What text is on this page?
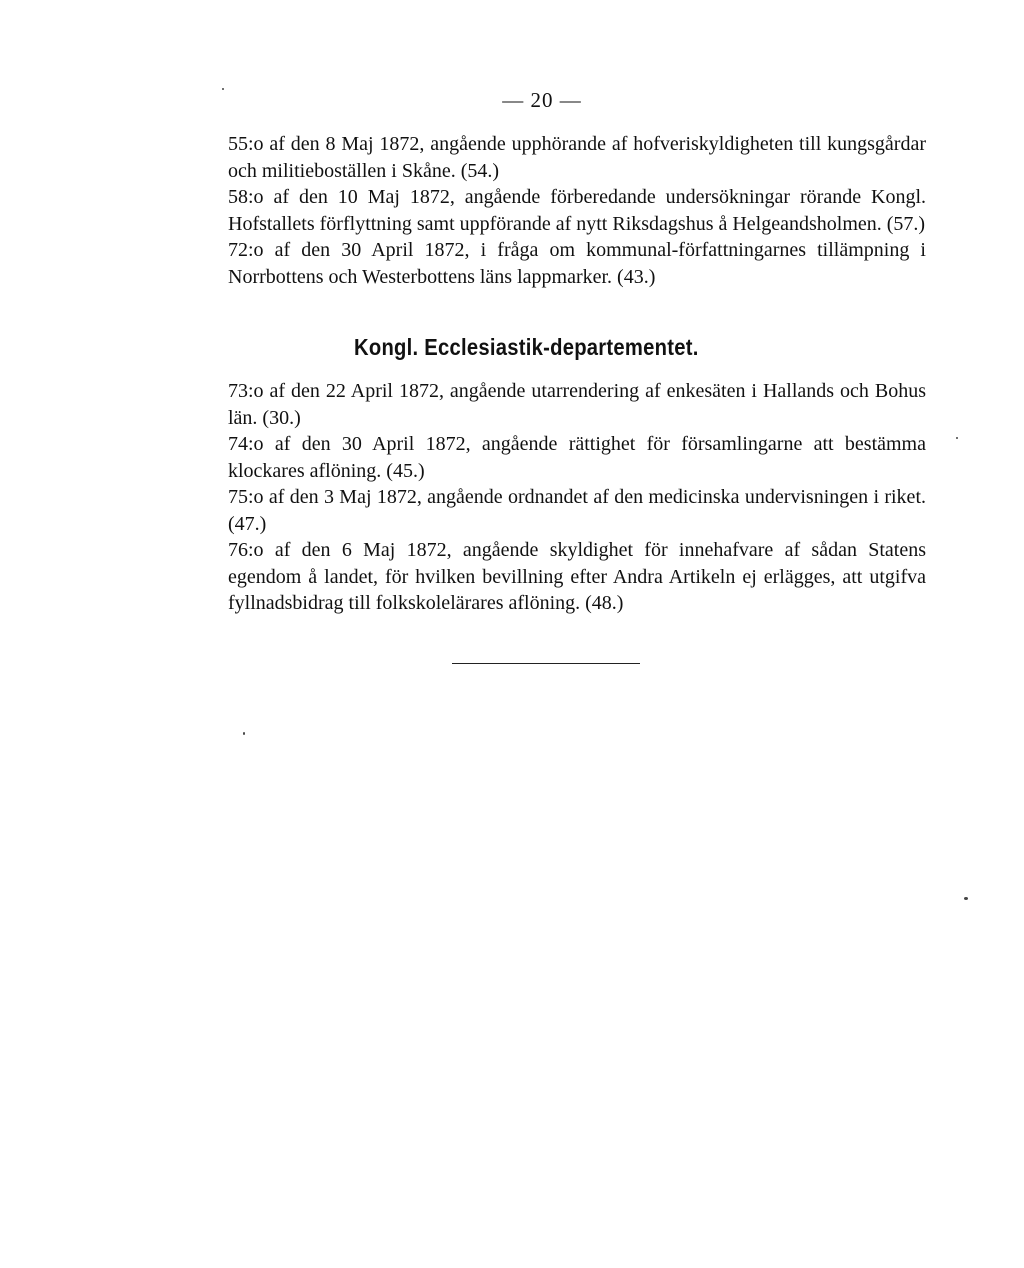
— 20 —

55:o af den 8 Maj 1872, angående upphörande af hofveriskyldigheten till kungsgårdar och militieboställen i Skåne. (54.)

58:o af den 10 Maj 1872, angående förberedande undersökningar rörande Kongl. Hofstallets förflyttning samt uppförande af nytt Riksdagshus å Helgeandsholmen. (57.)

72:o af den 30 April 1872, i fråga om kommunal-författningarnes tillämpning i Norrbottens och Westerbottens läns lappmarker. (43.)

Kongl. Ecclesiastik-departementet.

73:o af den 22 April 1872, angående utarrendering af enkesäten i Hallands och Bohus län. (30.)

74:o af den 30 April 1872, angående rättighet för församlingarne att bestämma klockares aflöning. (45.)

75:o af den 3 Maj 1872, angående ordnandet af den medicinska undervisningen i riket. (47.)

76:o af den 6 Maj 1872, angående skyldighet för innehafvare af sådan Statens egendom å landet, för hvilken bevillning efter Andra Artikeln ej erlägges, att utgifva fyllnadsbidrag till folkskolelärares aflöning. (48.)
